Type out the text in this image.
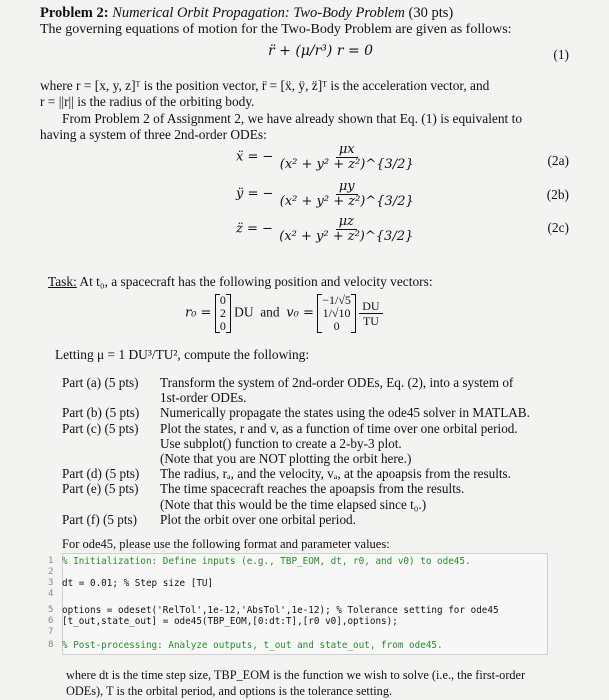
Problem 2: Numerical Orbit Propagation: Two-Body Problem (30 pts)
The governing equations of motion for the Two-Body Problem are given as follows:
r̈ + (μ/r³) r = 0	(1)
where r = [x, y, z]ᵀ is the position vector, r̈ = [ẍ, ÿ, z̈]ᵀ is the acceleration vector, and
r = ||r|| is the radius of the orbiting body.
From Problem 2 of Assignment 2, we have already shown that Eq. (1) is equivalent to
having a system of three 2nd-order ODEs:
ẍ = − $\frac{\mu x}{\text{(x² + y² + z²)\textasciicircum{}\{3/2\}}}$	(2a)
ÿ = − $\frac{\mu y}{\text{(x² + y² + z²)\textasciicircum{}\{3/2\}}}$	(2b)
z̈ = − $\frac{\mu z}{\text{(x² + y² + z²)\textasciicircum{}\{3/2\}}}$	(2c)
Task: At t₀, a spacecraft has the following position and velocity vectors:
r₀ = 0
2
0 DU and v₀ = −1/√5
1/√10
$0 \frac{DU}{TU}$
Letting μ = 1 DU³/TU², compute the following:
Part (a) (5 pts) Transform the system of 2nd-order ODEs, Eq. (2), into a system of
1st-order ODEs.
Part (b) (5 pts) Numerically propagate the states using the ode45 solver in MATLAB.
Part (c) (5 pts) Plot the states, r and v, as a function of time over one orbital period.
Use subplot() function to create a 2-by-3 plot.
(Note that you are NOT plotting the orbit here.)
Part (d) (5 pts) The radius, rₐ, and the velocity, vₐ, at the apoapsis from the results.
Part (e) (5 pts) The time spacecraft reaches the apoapsis from the results.
(Note that this would be the time elapsed since t₀.)
Part (f) (5 pts) Plot the orbit over one orbital period.
For ode45, please use the following format and parameter values:
1 % Initialization: Define inputs (e.g., TBP_EOM, dt, r0, and v0) to ode45.
2
3 dt = 0.01; % Step size [TU]
4
5 options = odeset('RelTol',1e-12,'AbsTol',1e-12); % Tolerance setting for ode45
6 [t_out,state_out] = ode45(TBP_EOM,[0:dt:T],[r0 v0],options);
7
8 % Post-processing: Analyze outputs, t_out and state_out, from ode45.
where dt is the time step size, TBP_EOM is the function we wish to solve (i.e., the first-order
ODEs), T is the orbital period, and options is the tolerance setting.
